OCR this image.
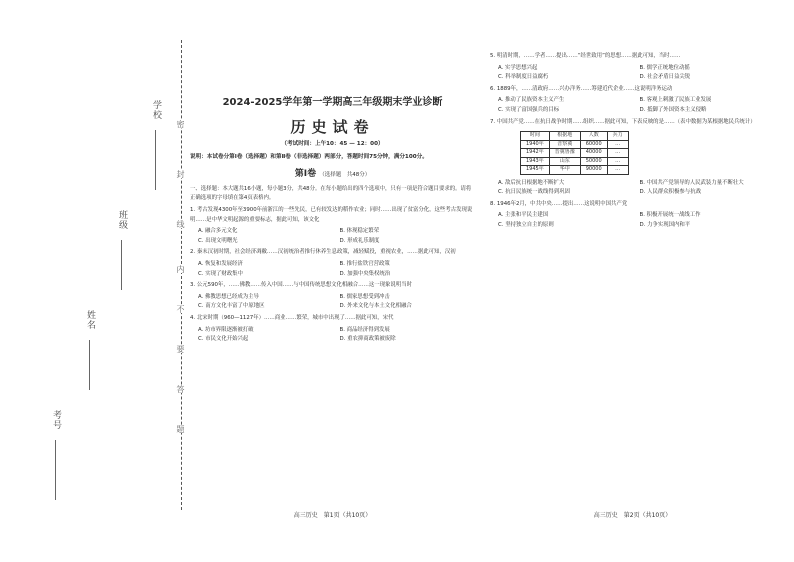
学校
班级
姓名
考号
密
封
线
内
不
要
答
题
2024-2025学年第一学期高三年级期末学业诊断
历史试卷
（考试时间：上午10：45 — 12：00）
说明：本试卷分第Ⅰ卷（选择题）和第Ⅱ卷（非选择题）两部分，答题时间75分钟，满分100分。
第Ⅰ卷 （选择题　共48分）

一、选择题：本大题共16小题，每小题3分，共48分。在每小题给出的四个选项中，只有一项是符合题目要求的。请将正确选项的字母填在第4页表格内。

1. 考古发现4300年至3900年前浙江的一些先民，已有较发达的稻作农业；同时……出现了贫富分化，这些考古发现说明……是中华文明起源的重要标志，据此可知，该文化

A. 融合多元文化	B. 体现稳定繁荣
C. 出现文明曙光	D. 形成礼乐制度

2. 秦末汉初时期，社会经济凋敝……汉初统治者推行休养生息政策，减轻赋役，重视农业，……据此可知，汉初

A. 恢复和发展经济	B. 推行盐铁官营政策
C. 实现了财政集中	D. 加强中央集权统治

3. 公元590年，……佛教……传入中国……与中国传统思想文化相融合……这一现象说明当时

A. 佛教思想已经成为主导	B. 儒家思想受到冲击
C. 南方文化丰富了中原地区	D. 外来文化与本土文化相融合

4. 北宋时期（960—1127年）……商业……繁荣，城市中出现了……据此可知，宋代

A. 坊市界限逐渐被打破	B. 商品经济得到发展
C. 市民文化开始兴起	D. 重农抑商政策被废除

5. 明清时期，……学者……提出……“经世致用”的思想……据此可知，当时……

A. 实学思想兴起	B. 儒学正统地位动摇
C. 科举制度日益腐朽	D. 社会矛盾日益尖锐

6. 1889年，……清政府……兴办洋务……筹建近代企业……这说明洋务运动

A. 推动了民族资本主义产生	B. 客观上刺激了民族工业发展
C. 实现了富国强兵的目标	D. 抵御了外国资本主义侵略

7. 中国共产党……在抗日战争时期……组织……据此可知，下表反映的是……（表中数据为某根据地民兵统计）

时间	根据地	人数	兵力
1940年	晋察冀	60000	…
1942年	晋冀鲁豫	40000	…
1943年	山东	50000	…
1945年	华中	90000	…
A. 敌后抗日根据地不断扩大	B. 中国共产党领导的人民武装力量不断壮大
C. 抗日民族统一战线得到巩固	D. 人民群众积极参与抗战

8. 1946年2月，中共中央……提出……这说明中国共产党

A. 主张和平民主建国	B. 积极开展统一战线工作
C. 坚持独立自主的原则	D. 力争实现国内和平
高三历史　第1页（共10页）	高三历史　第2页（共10页）
